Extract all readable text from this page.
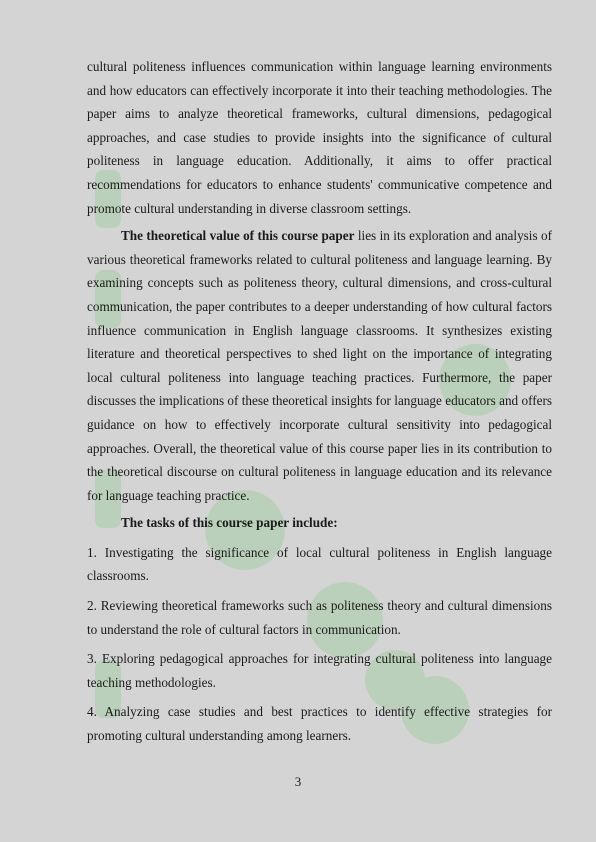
cultural politeness influences communication within language learning environments and how educators can effectively incorporate it into their teaching methodologies. The paper aims to analyze theoretical frameworks, cultural dimensions, pedagogical approaches, and case studies to provide insights into the significance of cultural politeness in language education. Additionally, it aims to offer practical recommendations for educators to enhance students' communicative competence and promote cultural understanding in diverse classroom settings.

The theoretical value of this course paper lies in its exploration and analysis of various theoretical frameworks related to cultural politeness and language learning. By examining concepts such as politeness theory, cultural dimensions, and cross-cultural communication, the paper contributes to a deeper understanding of how cultural factors influence communication in English language classrooms. It synthesizes existing literature and theoretical perspectives to shed light on the importance of integrating local cultural politeness into language teaching practices. Furthermore, the paper discusses the implications of these theoretical insights for language educators and offers guidance on how to effectively incorporate cultural sensitivity into pedagogical approaches. Overall, the theoretical value of this course paper lies in its contribution to the theoretical discourse on cultural politeness in language education and its relevance for language teaching practice.

The tasks of this course paper include:

1. Investigating the significance of local cultural politeness in English language classrooms.

2. Reviewing theoretical frameworks such as politeness theory and cultural dimensions to understand the role of cultural factors in communication.

3. Exploring pedagogical approaches for integrating cultural politeness into language teaching methodologies.

4. Analyzing case studies and best practices to identify effective strategies for promoting cultural understanding among learners.

3
